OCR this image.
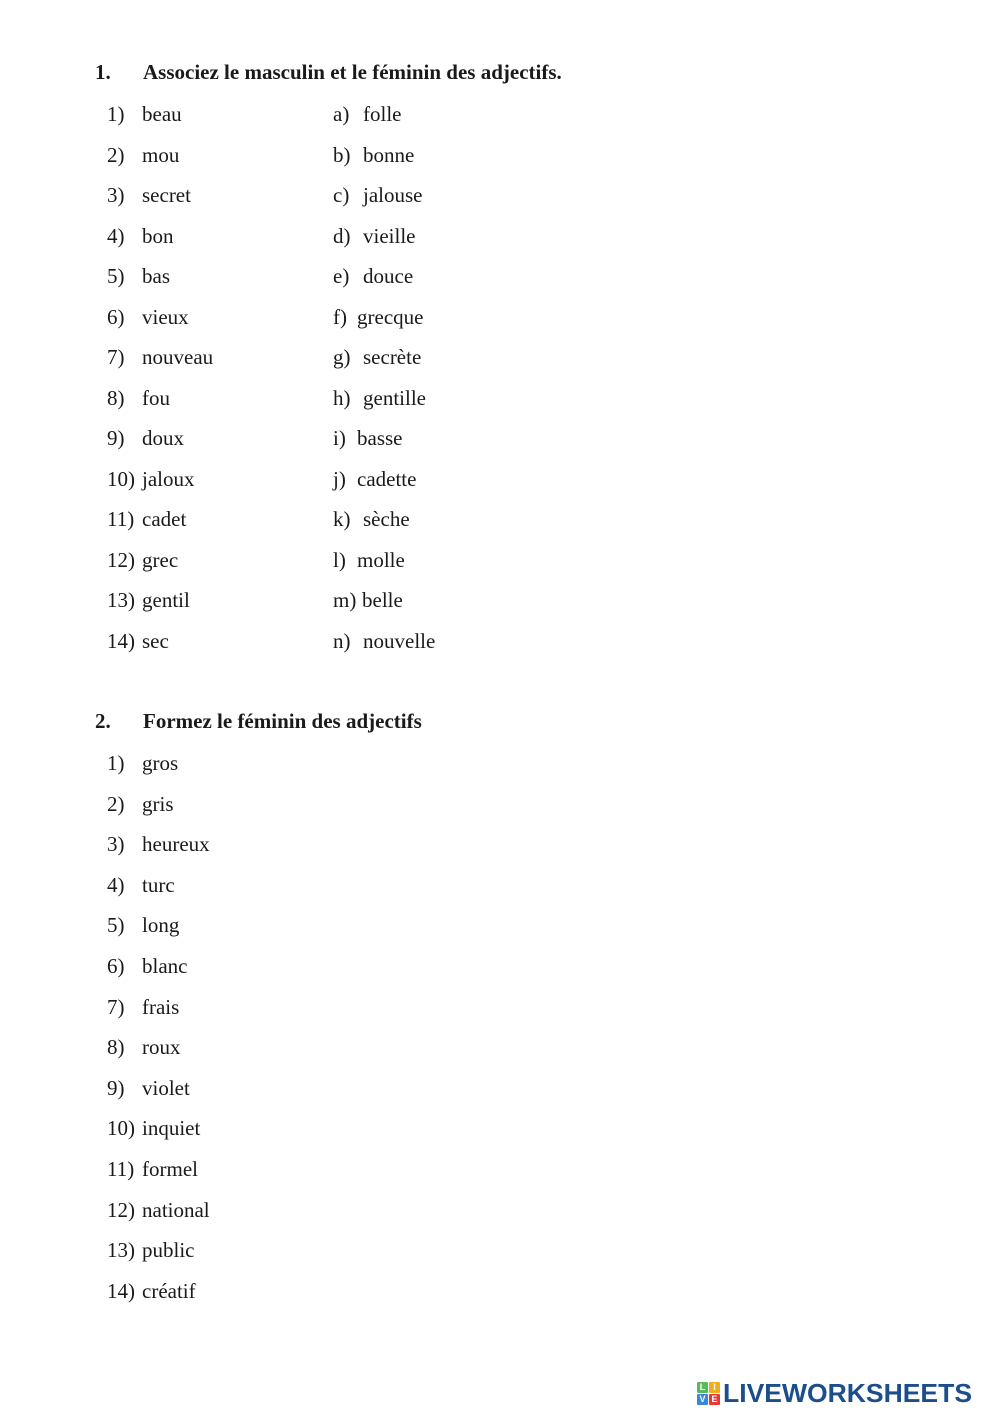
1. Associez le masculin et le féminin des adjectifs.
1) beau	a) folle
2) mou	b) bonne
3) secret	c) jalouse
4) bon	d) vieille
5) bas	e) douce
6) vieux	f) grecque
7) nouveau	g) secrète
8) fou	h) gentille
9) doux	i) basse
10) jaloux	j) cadette
11) cadet	k) sèche
12) grec	l) molle
13) gentil	m) belle
14) sec	n) nouvelle
2. Formez le féminin des adjectifs
1) gros
2) gris
3) heureux
4) turc
5) long
6) blanc
7) frais
8) roux
9) violet
10) inquiet
11) formel
12) national
13) public
14) créatif
L I
V E LIVEWORKSHEETS
